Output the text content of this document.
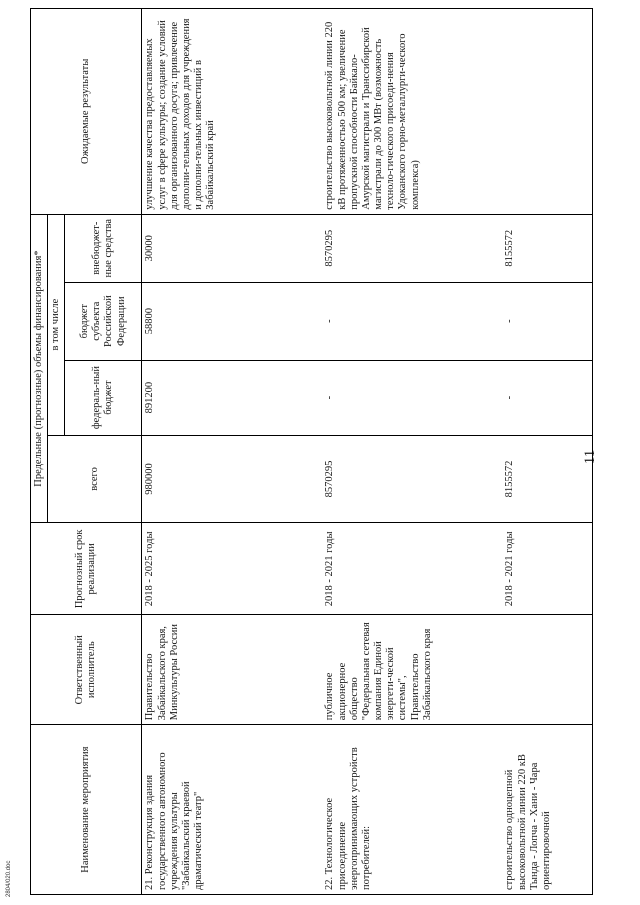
2804/020.doc
11
Наименование мероприятия	Ответственный исполнитель	Прогнозный срок реализации	Предельные (прогнозные) объемы финансирования*				Ожидаемые результаты
			всего	в том числе			
				федераль-ный бюджет	бюджет субъекта Российской Федерации	внебюджет-ные средства	
21. Реконструкция здания государственного автономного учреждения культуры "Забайкальский краевой драматический театр"	Правительство Забайкальского края, Минкультуры России	2018 - 2025 годы	980000	891200	58800	30000	улучшение качества предоставляемых услуг в сфере культуры; создание условий для организованного досуга; привлечение дополни-тельных доходов для учреждения и дополни-тельных инвестиций в Забайкальский край
22. Технологическое присоединение энергопринимающих устройств потребителей:	публичное акционерное общество "Федеральная сетевая компания Единой энергети-ческой системы", Правительство Забайкальского края	2018 - 2021 годы	8570295	-	-	8570295	строительство высоковольтной линии 220 кВ протяженностью 500 км; увеличение пропускной способности Байкало-Амурской магистрали и Транссибирской магистрали до 300 МВт (возможность техноло-гического присоеди-нения Удоканского горно-металлурги-ческого комплекса)
строительство одноцепной высоковольтной линии 220 кВ Тында - Лопча - Хани - Чара ориентировочной		2018 - 2021 годы	8155572	-	-	8155572	
